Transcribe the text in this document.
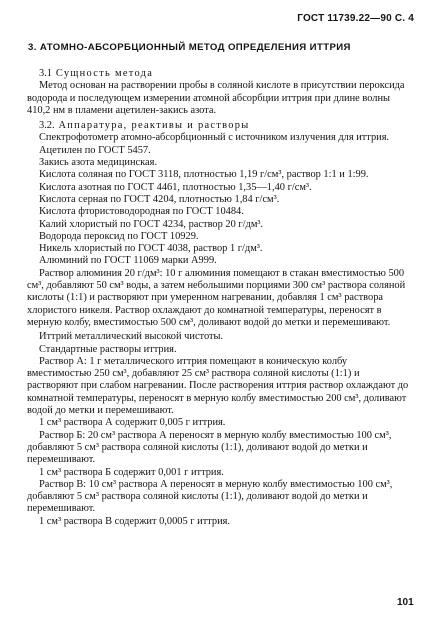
ГОСТ 11739.22—90 С. 4
3. АТОМНО-АБСОРБЦИОННЫЙ МЕТОД ОПРЕДЕЛЕНИЯ ИТТРИЯ

3.1 Сущность метода

Метод основан на растворении пробы в соляной кислоте в присутствии пероксида водорода и последующем измерении атомной абсорбции иттрия при длине волны 410,2 нм в пламени ацетилен-закись азота.

3.2. Аппаратура, реактивы и растворы

Спектрофотометр атомно-абсорбционный с источником излучения для иттрия.

Ацетилен по ГОСТ 5457.

Закись азота медицинская.

Кислота соляная по ГОСТ 3118, плотностью 1,19 г/см³, раствор 1:1 и 1:99.

Кислота азотная по ГОСТ 4461, плотностью 1,35—1,40 г/см³.

Кислота серная по ГОСТ 4204, плотностью 1,84 г/см³.

Кислота фтористоводородная по ГОСТ 10484.

Калий хлористый по ГОСТ 4234, раствор 20 г/дм³.

Водорода пероксид по ГОСТ 10929.

Никель хлористый по ГОСТ 4038, раствор 1 г/дм³.

Алюминий по ГОСТ 11069 марки А999.

Раствор алюминия 20 г/дм³: 10 г алюминия помещают в стакан вместимостью 500 см³, добавляют 50 см³ воды, а затем небольшими порциями 300 см³ раствора соляной кислоты (1:1) и растворяют при умеренном нагревании, добавляя 1 см³ раствора хлористого никеля. Раствор охлаждают до комнатной температуры, переносят в мерную колбу, вместимостью 500 см³, доливают водой до метки и перемешивают.

Иттрий металлический высокой чистоты.

Стандартные растворы иттрия.

Раствор А: 1 г металлического иттрия помещают в коническую колбу вместимостью 250 см³, добавляют 25 см³ раствора соляной кислоты (1:1) и растворяют при слабом нагревании. После растворения иттрия раствор охлаждают до комнатной температуры, переносят в мерную колбу вместимостью 200 см³, доливают водой до метки и перемешивают.

1 см³ раствора А содержит 0,005 г иттрия.

Раствор Б: 20 см³ раствора А переносят в мерную колбу вместимостью 100 см³, добавляют 5 см³ раствора соляной кислоты (1:1), доливают водой до метки и перемешивают.

1 см³ раствора Б содержит 0,001 г иттрия.

Раствор В: 10 см³ раствора А переносят в мерную колбу вместимостью 100 см³, добавляют 5 см³ раствора соляной кислоты (1:1), доливают водой до метки и перемешивают.

1 см³ раствора В содержит 0,0005 г иттрия.

101
